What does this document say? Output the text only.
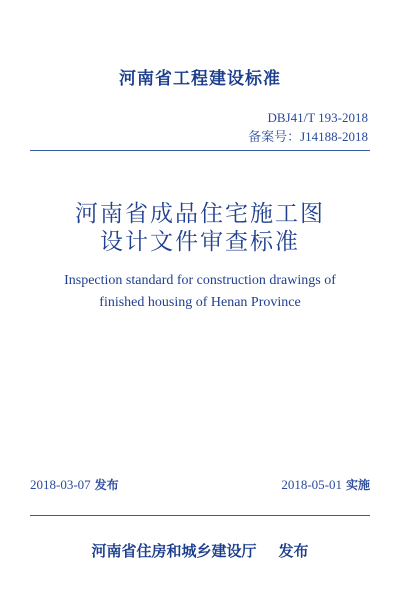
河南省工程建设标准
DBJ41/T 193-2018
备案号：J14188-2018
河南省成品住宅施工图
设计文件审查标准
Inspection standard for construction drawings of
finished housing of Henan Province
2018-03-07 发布	2018-05-01 实施
河南省住房和城乡建设厅 发布
